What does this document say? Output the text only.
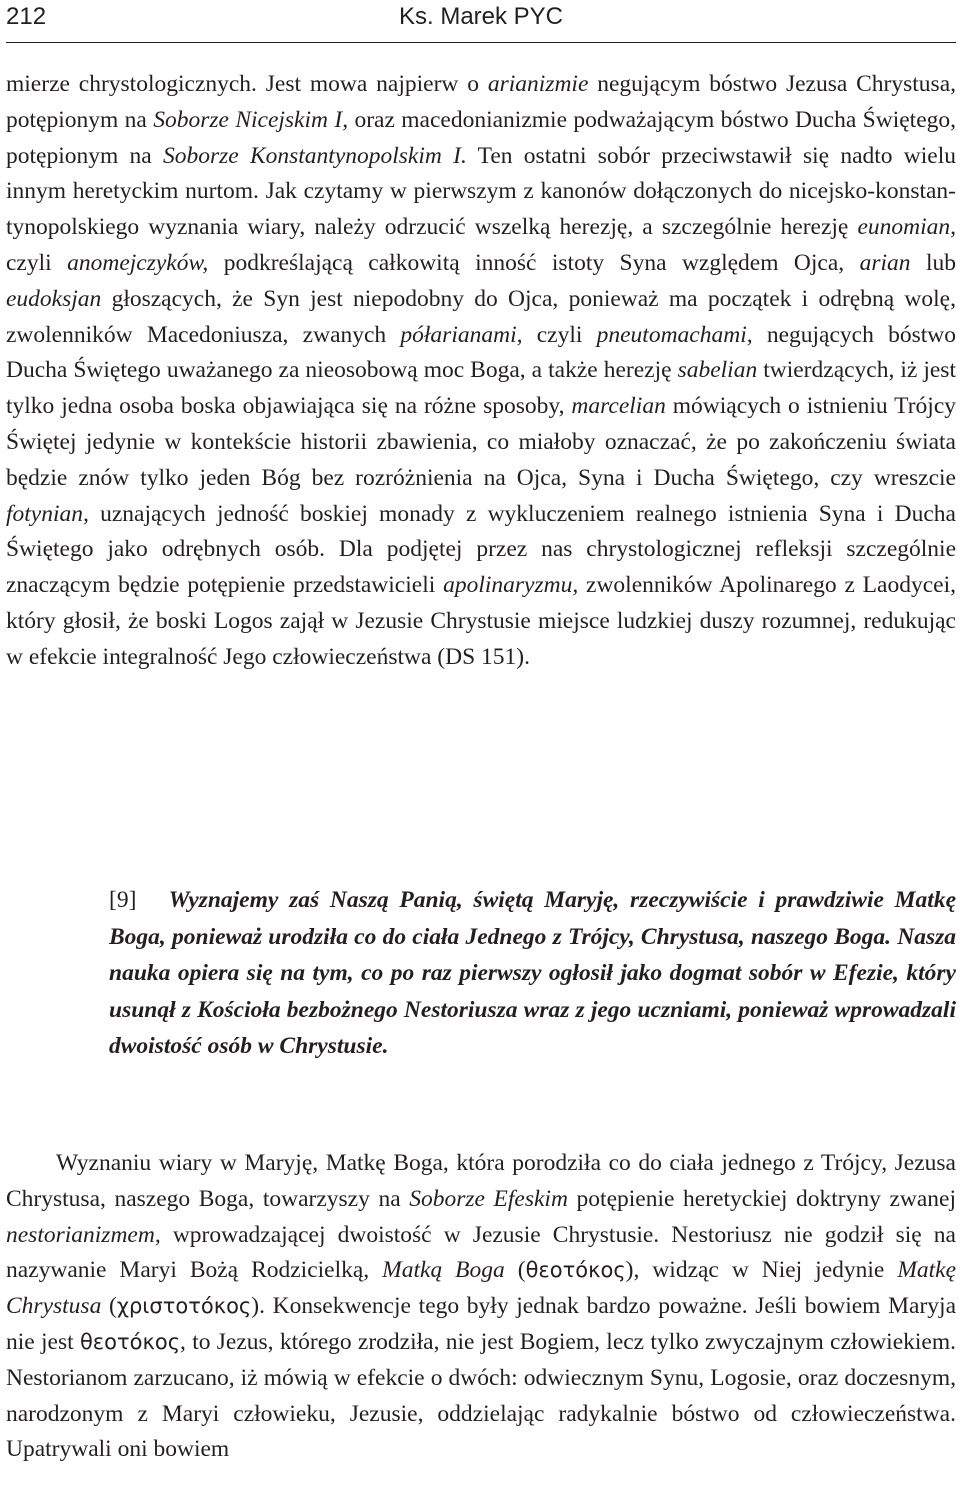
212	Ks. Marek PYC

mierze chrystologicznych. Jest mowa najpierw o arianizmie negującym bóstwo Jezusa Chrystusa, potępionym na Soborze Nicejskim I, oraz macedonianizmie podważającym bóstwo Ducha Świętego, potępionym na Soborze Konstantynopolskim I. Ten ostatni sobór przeciwstawił się nadto wielu innym heretyckim nurtom. Jak czytamy w pierwszym z kanonów dołączonych do nicejsko-konstantynopolskiego wyznania wiary, należy odrzucić wszelką herezję, a szczególnie herezję eunomian, czyli anomejczyków, podkreślającą całkowitą inność istoty Syna względem Ojca, arian lub eudoksjan głoszących, że Syn jest niepodobny do Ojca, ponieważ ma początek i odrębną wolę, zwolenników Macedoniusza, zwanych półarianami, czyli pneutomachami, negujących bóstwo Ducha Świętego uważanego za nieosobową moc Boga, a także herezję sabelian twierdzących, iż jest tylko jedna osoba boska objawiająca się na różne sposoby, marcelian mówiących o istnieniu Trójcy Świętej jedynie w kontekście historii zbawienia, co miałoby oznaczać, że po zakończeniu świata będzie znów tylko jeden Bóg bez rozróżnienia na Ojca, Syna i Ducha Świętego, czy wreszcie fotynian, uznających jedność boskiej monady z wykluczeniem realnego istnienia Syna i Ducha Świętego jako odrębnych osób. Dla podjętej przez nas chrystologicznej refleksji szczególnie znaczącym będzie potępienie przedstawicieli apolinaryzmu, zwolenników Apolinarego z Laodycei, który głosił, że boski Logos zajął w Jezusie Chrystusie miejsce ludzkiej duszy rozumnej, redukując w efekcie integralność Jego człowieczeństwa (DS 151).

[9] Wyznajemy zaś Naszą Panią, świętą Maryję, rzeczywiście i prawdziwie Matkę Boga, ponieważ urodziła co do ciała Jednego z Trójcy, Chrystusa, naszego Boga. Nasza nauka opiera się na tym, co po raz pierwszy ogłosił jako dogmat sobór w Efezie, który usunął z Kościoła bezbożnego Nestoriusza wraz z jego uczniami, ponieważ wprowadzali dwoistość osób w Chrystusie.

Wyznaniu wiary w Maryję, Matkę Boga, która porodziła co do ciała jednego z Trójcy, Jezusa Chrystusa, naszego Boga, towarzyszy na Soborze Efeskim potępienie heretyckiej doktryny zwanej nestorianizmem, wprowadzającej dwoistość w Jezusie Chrystusie. Nestoriusz nie godził się na nazywanie Maryi Bożą Rodzicielką, Matką Boga (θεοτόκος), widząc w Niej jedynie Matkę Chrystusa (χριστοτόκος). Konsekwencje tego były jednak bardzo poważne. Jeśli bowiem Maryja nie jest θεοτόκος, to Jezus, którego zrodziła, nie jest Bogiem, lecz tylko zwyczajnym człowiekiem. Nestorianom zarzucano, iż mówią w efekcie o dwóch: odwiecznym Synu, Logosie, oraz doczesnym, narodzonym z Maryi człowieku, Jezusie, oddzielając radykalnie bóstwo od człowieczeństwa. Upatrywali oni bowiem
